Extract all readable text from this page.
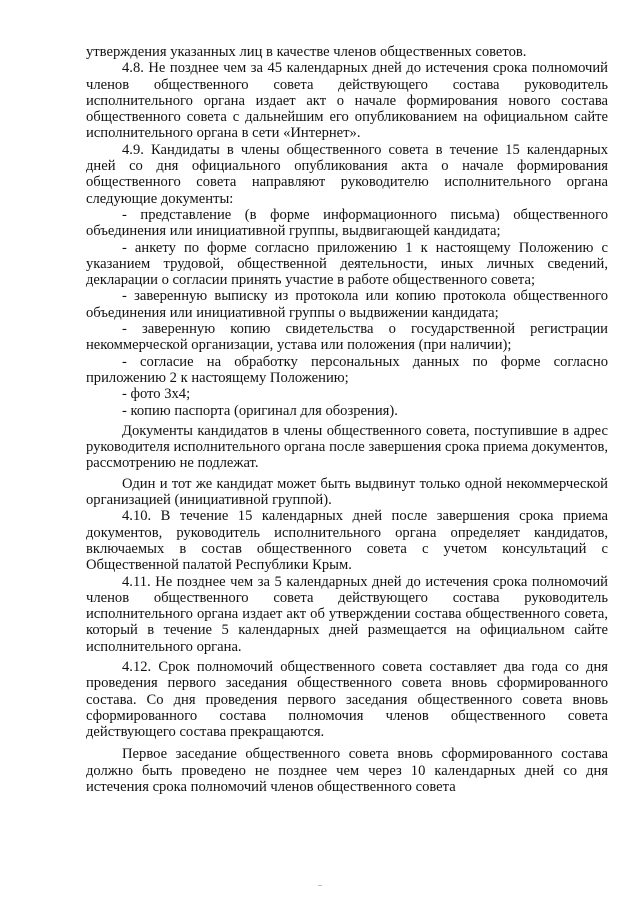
утверждения указанных лиц в качестве членов общественных советов.

4.8. Не позднее чем за 45 календарных дней до истечения срока полномочий членов общественного совета действующего состава руководитель исполнительного органа издает акт о начале формирования нового состава общественного совета с дальнейшим его опубликованием на официальном сайте исполнительного органа в сети «Интернет».

4.9. Кандидаты в члены общественного совета в течение 15 календарных дней со дня официального опубликования акта о начале формирования общественного совета направляют руководителю исполнительного органа следующие документы:

- представление (в форме информационного письма) общественного объединения или инициативной группы, выдвигающей кандидата;

- анкету по форме согласно приложению 1 к настоящему Положению с указанием трудовой, общественной деятельности, иных личных сведений, декларации о согласии принять участие в работе общественного совета;

- заверенную выписку из протокола или копию протокола общественного объединения или инициативной группы о выдвижении кандидата;

- заверенную копию свидетельства о государственной регистрации некоммерческой организации, устава или положения (при наличии);

- согласие на обработку персональных данных по форме согласно приложению 2 к настоящему Положению;

- фото 3х4;

- копию паспорта (оригинал для обозрения).

Документы кандидатов в члены общественного совета, поступившие в адрес руководителя исполнительного органа после завершения срока приема документов, рассмотрению не подлежат.

Один и тот же кандидат может быть выдвинут только одной некоммерческой организацией (инициативной группой).

4.10. В течение 15 календарных дней после завершения срока приема документов, руководитель исполнительного органа определяет кандидатов, включаемых в состав общественного совета с учетом консультаций с Общественной палатой Республики Крым.

4.11. Не позднее чем за 5 календарных дней до истечения срока полномочий членов общественного совета действующего состава руководитель исполнительного органа издает акт об утверждении состава общественного совета, который в течение 5 календарных дней размещается на официальном сайте исполнительного органа.

4.12. Срок полномочий общественного совета составляет два года со дня проведения первого заседания общественного совета вновь сформированного состава. Со дня проведения первого заседания общественного совета вновь сформированного состава полномочия членов общественного совета действующего состава прекращаются.

Первое заседание общественного совета вновь сформированного состава должно быть проведено не позднее чем через 10 календарных дней со дня истечения срока полномочий членов общественного совета
